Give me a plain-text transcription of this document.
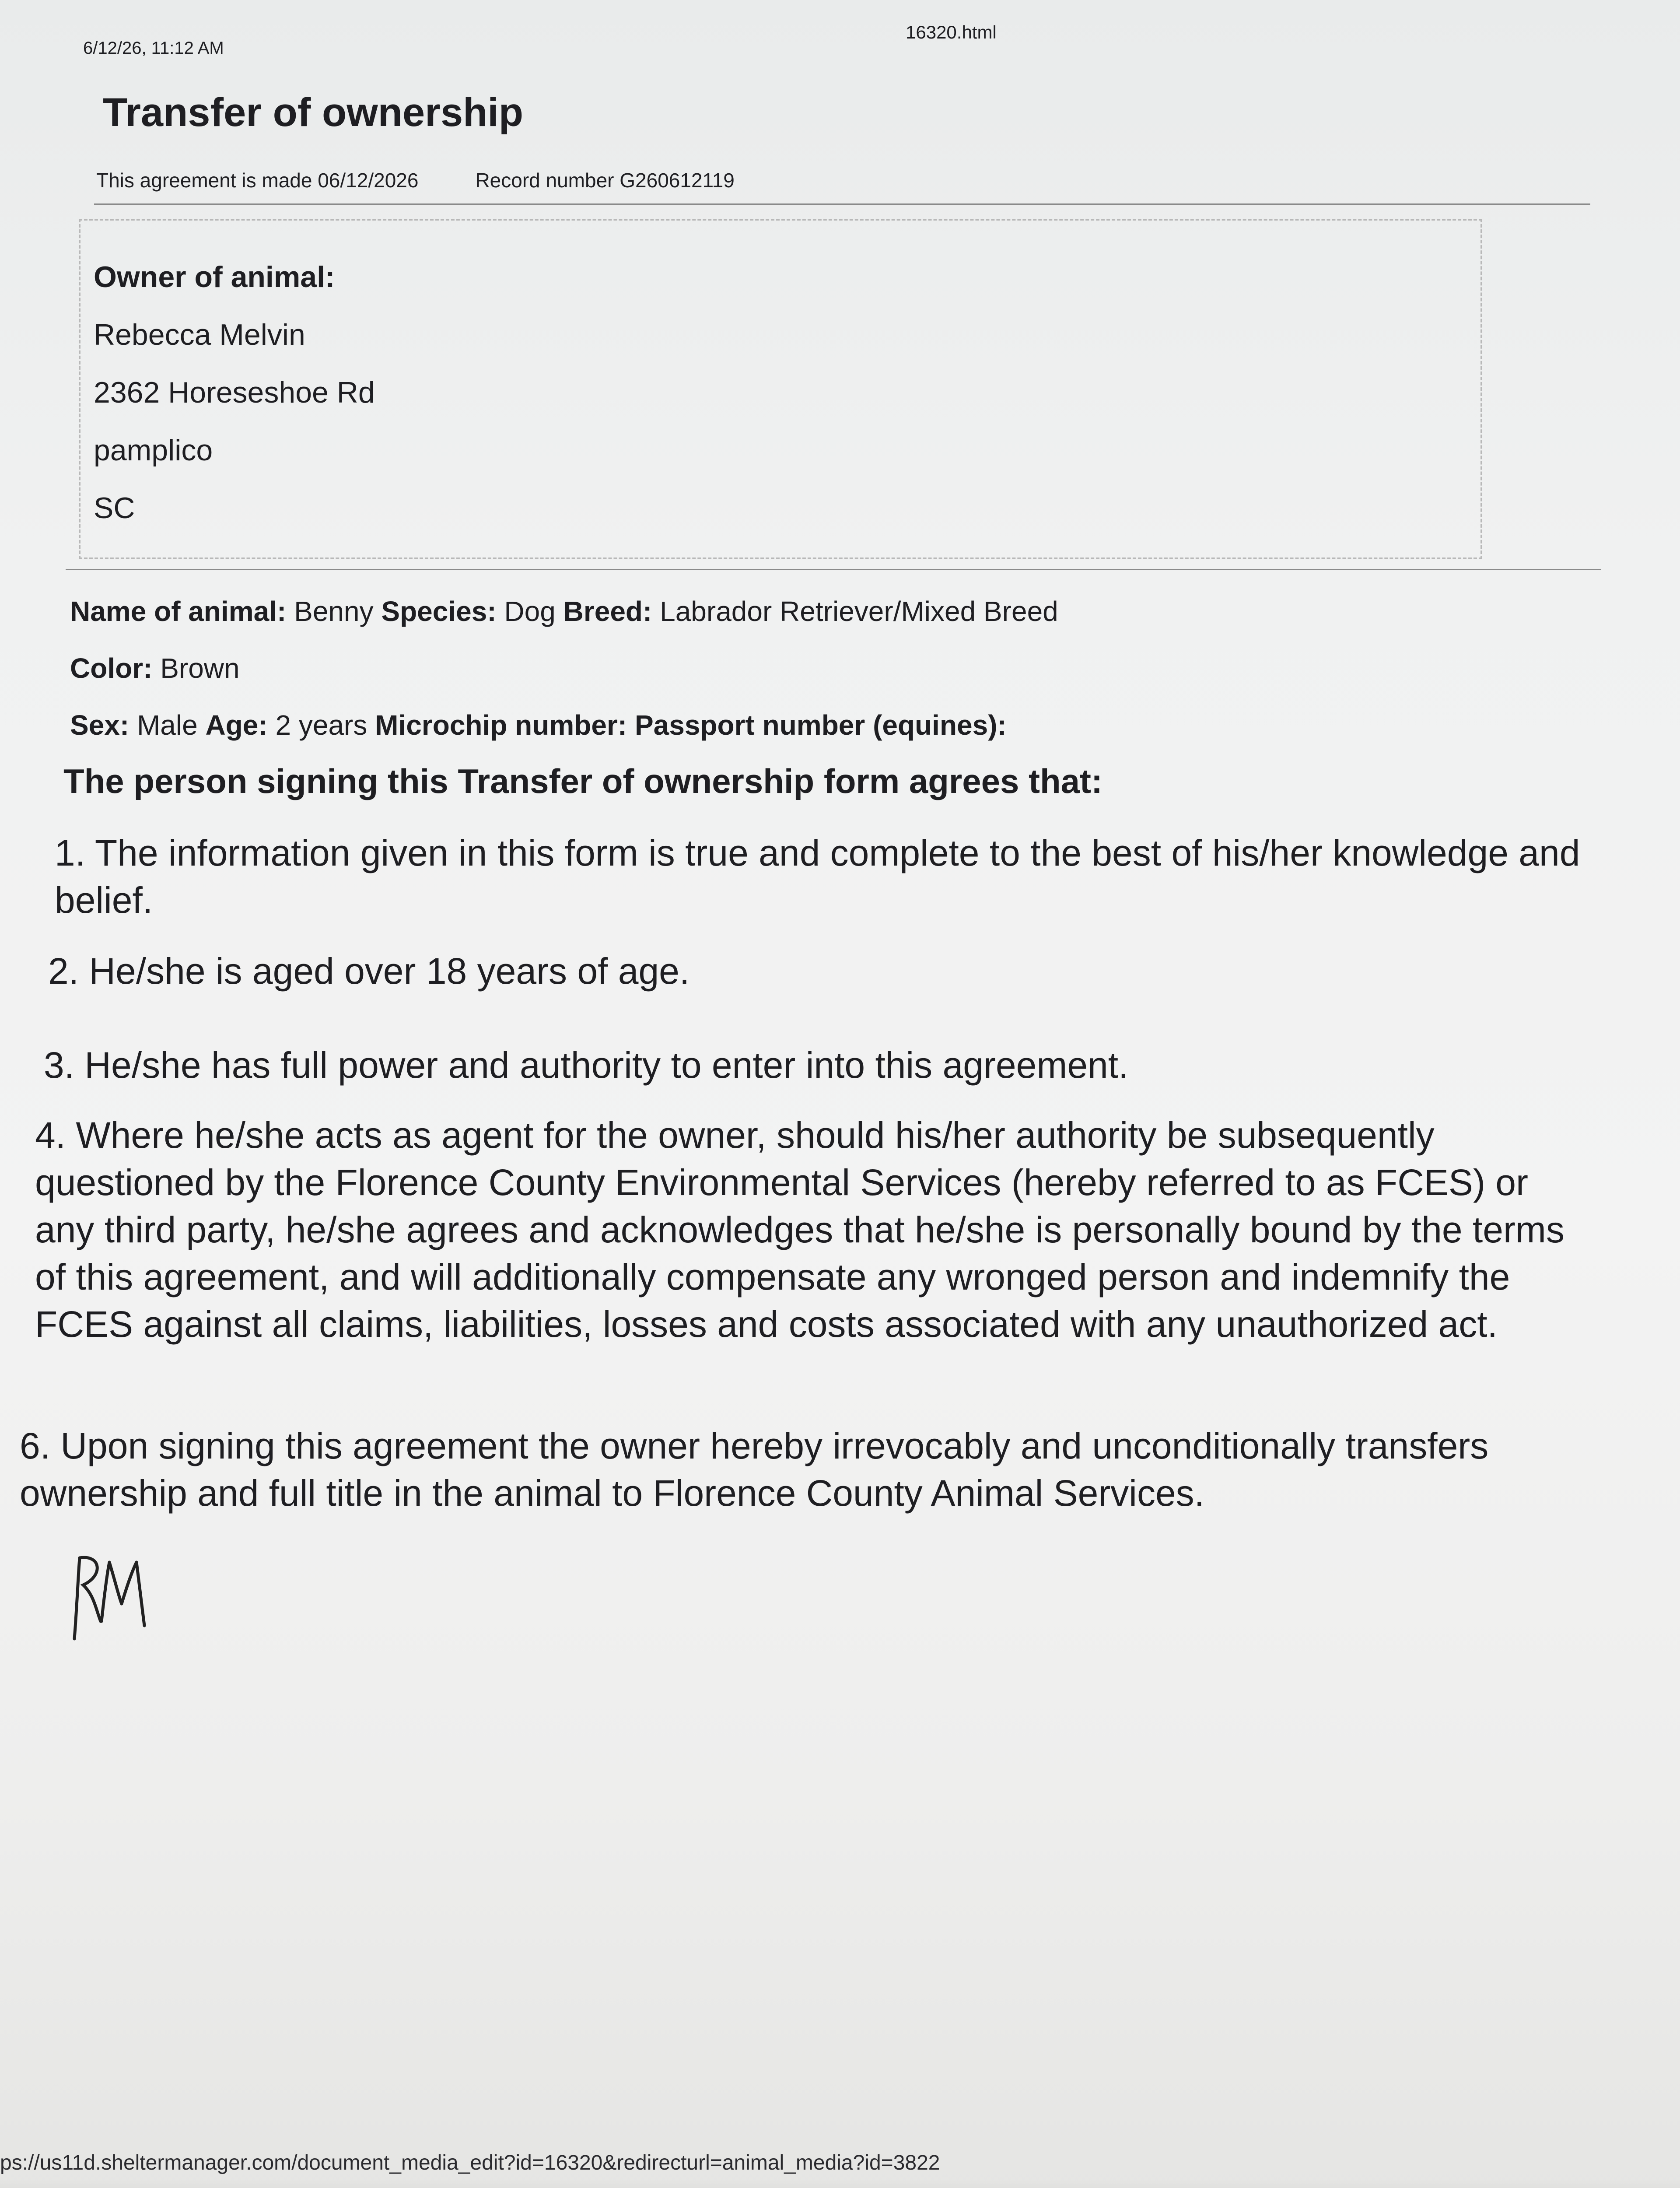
6/12/26, 11:12 AM
16320.html
Transfer of ownership
This agreement is made 06/12/2026	Record number G260612119
Owner of animal:
Rebecca Melvin
2362 Horeseshoe Rd
pamplico
SC
Name of animal: Benny Species: Dog Breed: Labrador Retriever/Mixed Breed
Color: Brown
Sex: Male Age: 2 years Microchip number: Passport number (equines):
The person signing this Transfer of ownership form agrees that:
1. The information given in this form is true and complete to the best of his/her knowledge and belief.
2. He/she is aged over 18 years of age.
3. He/she has full power and authority to enter into this agreement.
4. Where he/she acts as agent for the owner, should his/her authority be subsequently questioned by the Florence County Environmental Services (hereby referred to as FCES) or any third party, he/she agrees and acknowledges that he/she is personally bound by the terms of this agreement, and will additionally compensate any wronged person and indemnify the FCES against all claims, liabilities, losses and costs associated with any unauthorized act.
6. Upon signing this agreement the owner hereby irrevocably and unconditionally transfers ownership and full title in the animal to Florence County Animal Services.
ps://us11d.sheltermanager.com/document_media_edit?id=16320&redirecturl=animal_media?id=3822
